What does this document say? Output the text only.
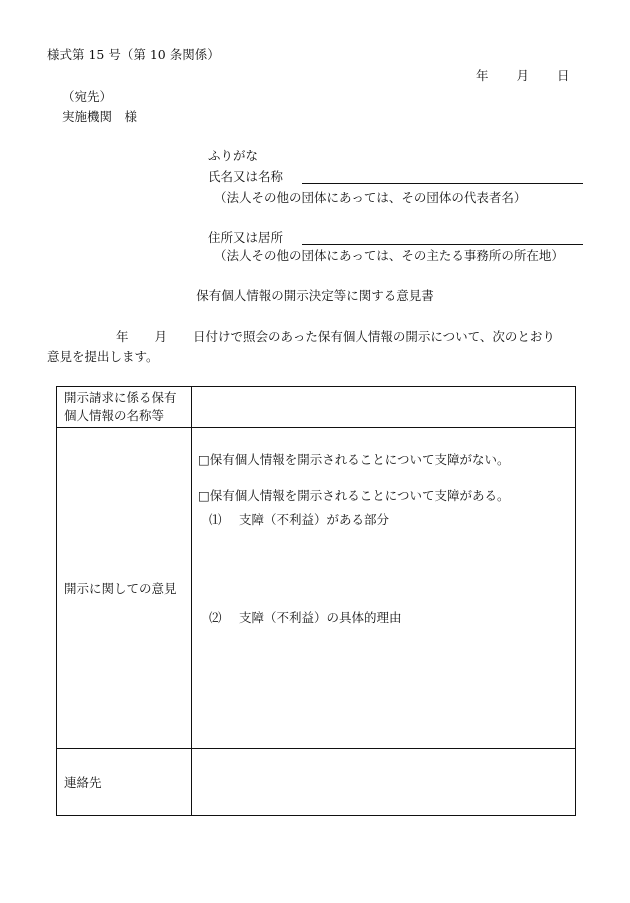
様式第 15 号（第 10 条関係）
年 月 日
（宛先）
実施機関　様
ふりがな
氏名又は名称
（法人その他の団体にあっては、その団体の代表者名）
住所又は居所
（法人その他の団体にあっては、その主たる事務所の所在地）
保有個人情報の開示決定等に関する意見書
年 月 日付けで照会のあった保有個人情報の開示について、次のとおり
意見を提出します。
開示請求に係る保有
個人情報の名称等
開示に関しての意見
□保有個人情報を開示されることについて支障がない。
□保有個人情報を開示されることについて支障がある。
⑴ 支障（不利益）がある部分
⑵ 支障（不利益）の具体的理由
連絡先
